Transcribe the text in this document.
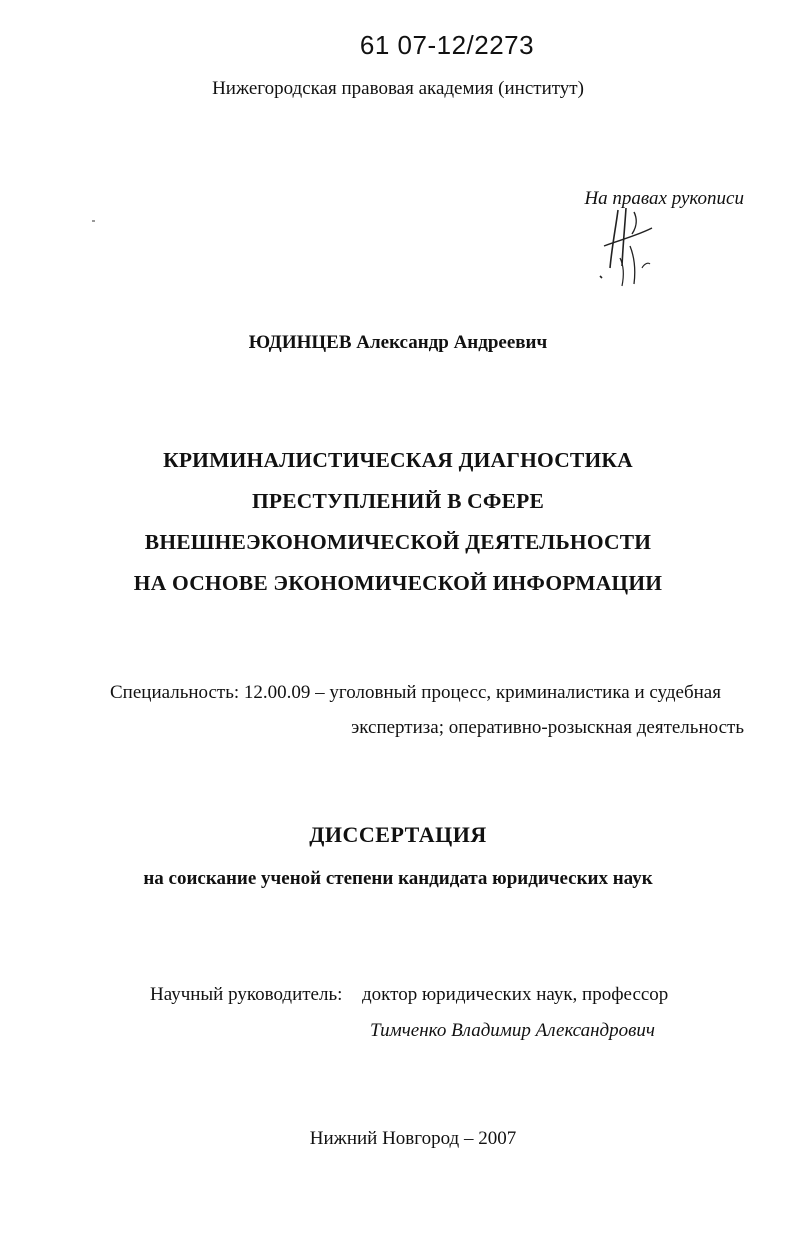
61 07-12/2273
Нижегородская правовая академия (институт)
На правах рукописи
ЮДИНЦЕВ Александр Андреевич
КРИМИНАЛИСТИЧЕСКАЯ ДИАГНОСТИКА
ПРЕСТУПЛЕНИЙ В СФЕРЕ
ВНЕШНЕЭКОНОМИЧЕСКОЙ ДЕЯТЕЛЬНОСТИ
НА ОСНОВЕ ЭКОНОМИЧЕСКОЙ ИНФОРМАЦИИ
Специальность: 12.00.09 – уголовный процесс, криминалистика и судебная
экспертиза; оперативно-розыскная деятельность
ДИССЕРТАЦИЯ
на соискание ученой степени кандидата юридических наук
Научный руководитель: доктор юридических наук, профессор
Тимченко Владимир Александрович
Нижний Новгород – 2007
